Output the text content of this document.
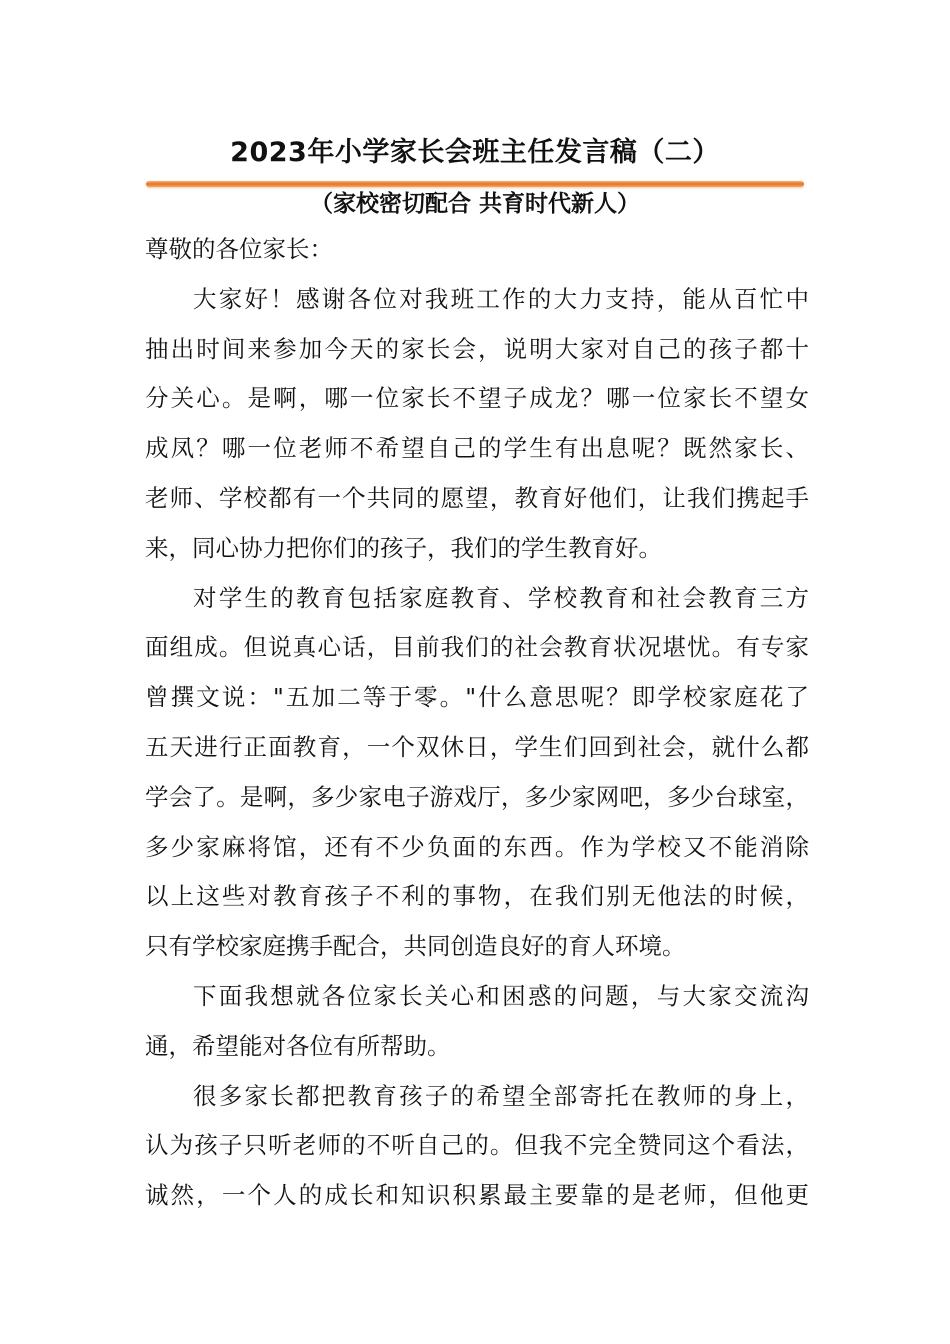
2023年小学家长会班主任发言稿（二）
（家校密切配合 共育时代新人）
尊敬的各位家长：
大家好！感谢各位对我班工作的大力支持，能从百忙中
抽出时间来参加今天的家长会，说明大家对自己的孩子都十
分关心。是啊，哪一位家长不望子成龙？哪一位家长不望女
成凤？哪一位老师不希望自己的学生有出息呢？既然家长、
老师、学校都有一个共同的愿望，教育好他们，让我们携起手
来，同心协力把你们的孩子，我们的学生教育好。
对学生的教育包括家庭教育、学校教育和社会教育三方
面组成。但说真心话，目前我们的社会教育状况堪忧。有专家
曾撰文说："五加二等于零。"什么意思呢？即学校家庭花了
五天进行正面教育，一个双休日，学生们回到社会，就什么都
学会了。是啊，多少家电子游戏厅，多少家网吧，多少台球室，
多少家麻将馆，还有不少负面的东西。作为学校又不能消除
以上这些对教育孩子不利的事物，在我们别无他法的时候，
只有学校家庭携手配合，共同创造良好的育人环境。
下面我想就各位家长关心和困惑的问题，与大家交流沟
通，希望能对各位有所帮助。
很多家长都把教育孩子的希望全部寄托在教师的身上，
认为孩子只听老师的不听自己的。但我不完全赞同这个看法，
诚然，一个人的成长和知识积累最主要靠的是老师，但他更
